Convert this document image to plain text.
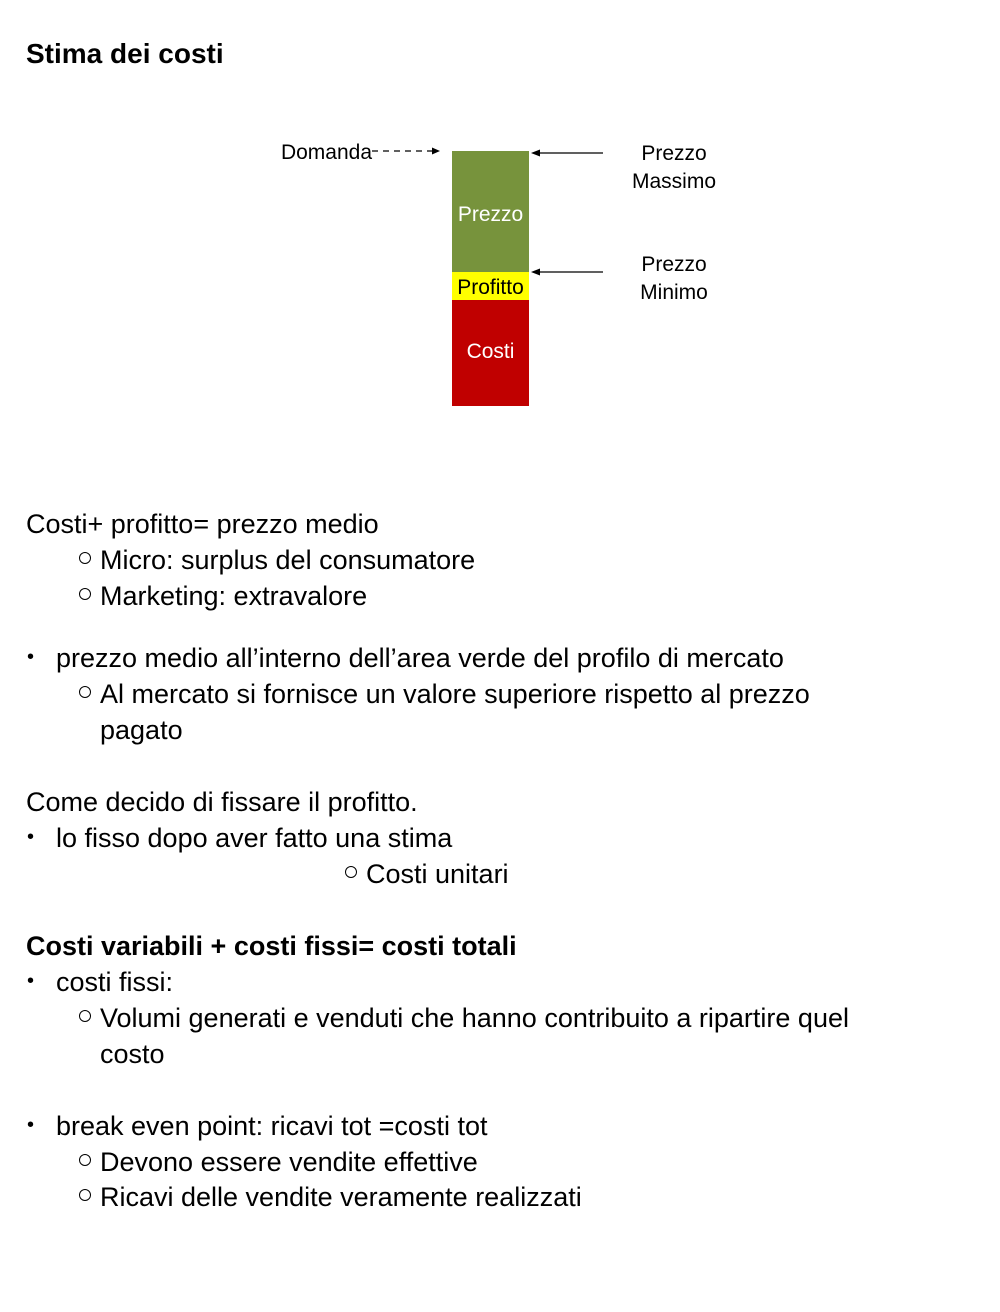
Stima dei costi
Prezzo
Profitto
Costi
Domanda	Prezzo
Massimo
Prezzo
Minimo
Costi+ profitto= prezzo medio
Micro: surplus del consumatore
Marketing: extravalore
• prezzo medio all’interno dell’area verde del profilo di mercato
Al mercato si fornisce un valore superiore rispetto al prezzo
pagato
Come decido di fissare il profitto.
• lo fisso dopo aver fatto una stima
Costi unitari
Costi variabili + costi fissi= costi totali
• costi fissi:
Volumi generati e venduti che hanno contribuito a ripartire quel
costo
• break even point: ricavi tot =costi tot
Devono essere vendite effettive
Ricavi delle vendite veramente realizzati
